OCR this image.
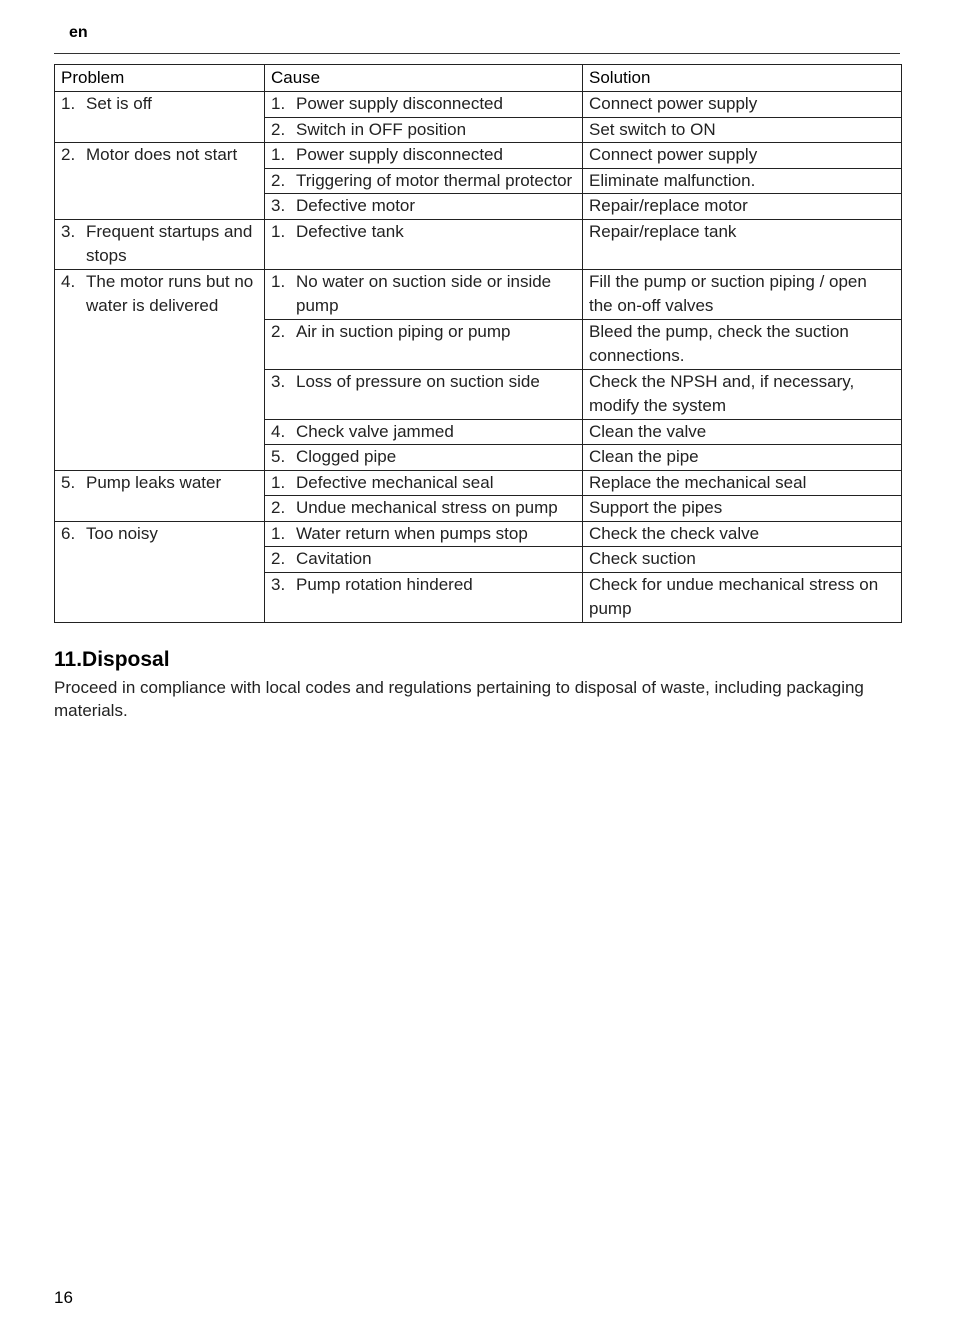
en
Problem	Cause	Solution

1. Set is off	1. Power supply disconnected	Connect power supply

	2. Switch in OFF position	Set switch to ON

2. Motor does not start	1. Power supply disconnected	Connect power supply

	2. Triggering of motor thermal protector	Eliminate malfunction.

	3. Defective motor	Repair/replace motor

3. Frequent startups and stops	1. Defective tank	Repair/replace tank

4. The motor runs but no water is delivered	1. No water on suction side or inside pump	Fill the pump or suction piping / open the on-off valves

	2. Air in suction piping or pump	Bleed the pump, check the suction connections.

	3. Loss of pressure on suction side	Check the NPSH and, if necessary, modify the system

	4. Check valve jammed	Clean the valve

	5. Clogged pipe	Clean the pipe

5. Pump leaks water	1. Defective mechanical seal	Replace the mechanical seal

	2. Undue mechanical stress on pump	Support the pipes

6. Too noisy	1. Water return when pumps stop	Check the check valve

	2. Cavitation	Check suction

	3. Pump rotation hindered	Check for undue mechanical stress on pump
11.Disposal

Proceed in compliance with local codes and regulations pertaining to disposal of waste, including packaging materials.

16
